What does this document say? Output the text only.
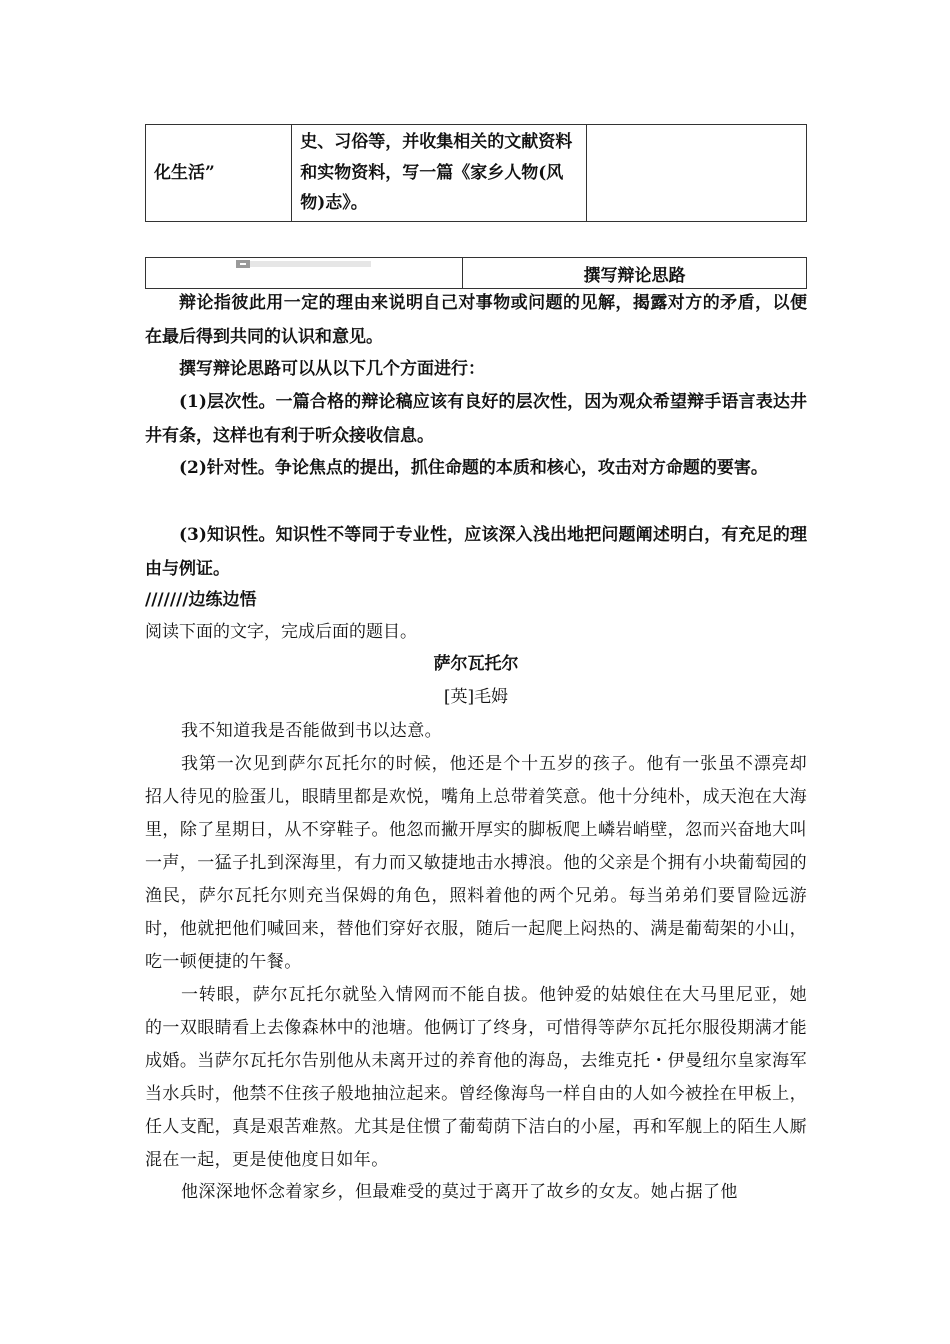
化生活”	史、习俗等，并收集相关的文献资料和实物资料，写一篇《家乡人物(风物)志》。	
	撰写辩论思路

辩论指彼此用一定的理由来说明自己对事物或问题的见解，揭露对方的矛盾，以便在最后得到共同的认识和意见。

撰写辩论思路可以从以下几个方面进行：

(1)层次性。一篇合格的辩论稿应该有良好的层次性，因为观众希望辩手语言表达井井有条，这样也有利于听众接收信息。

(2)针对性。争论焦点的提出，抓住命题的本质和核心，攻击对方命题的要害。

(3)知识性。知识性不等同于专业性，应该深入浅出地把问题阐述明白，有充足的理由与例证。

///////边练边悟

阅读下面的文字，完成后面的题目。

萨尔瓦托尔

[英]毛姆

我不知道我是否能做到书以达意。

我第一次见到萨尔瓦托尔的时候，他还是个十五岁的孩子。他有一张虽不漂亮却招人待见的脸蛋儿，眼睛里都是欢悦，嘴角上总带着笑意。他十分纯朴，成天泡在大海里，除了星期日，从不穿鞋子。他忽而撇开厚实的脚板爬上嶙岩峭壁，忽而兴奋地大叫一声，一猛子扎到深海里，有力而又敏捷地击水搏浪。他的父亲是个拥有小块葡萄园的渔民，萨尔瓦托尔则充当保姆的角色，照料着他的两个兄弟。每当弟弟们要冒险远游时，他就把他们喊回来，替他们穿好衣服，随后一起爬上闷热的、满是葡萄架的小山，吃一顿便捷的午餐。

一转眼，萨尔瓦托尔就坠入情网而不能自拔。他钟爱的姑娘住在大马里尼亚，她的一双眼睛看上去像森林中的池塘。他俩订了终身，可惜得等萨尔瓦托尔服役期满才能成婚。当萨尔瓦托尔告别他从未离开过的养育他的海岛，去维克托・伊曼纽尔皇家海军当水兵时，他禁不住孩子般地抽泣起来。曾经像海鸟一样自由的人如今被拴在甲板上，任人支配，真是艰苦难熬。尤其是住惯了葡萄荫下洁白的小屋，再和军舰上的陌生人厮混在一起，更是使他度日如年。

他深深地怀念着家乡，但最难受的莫过于离开了故乡的女友。她占据了他
